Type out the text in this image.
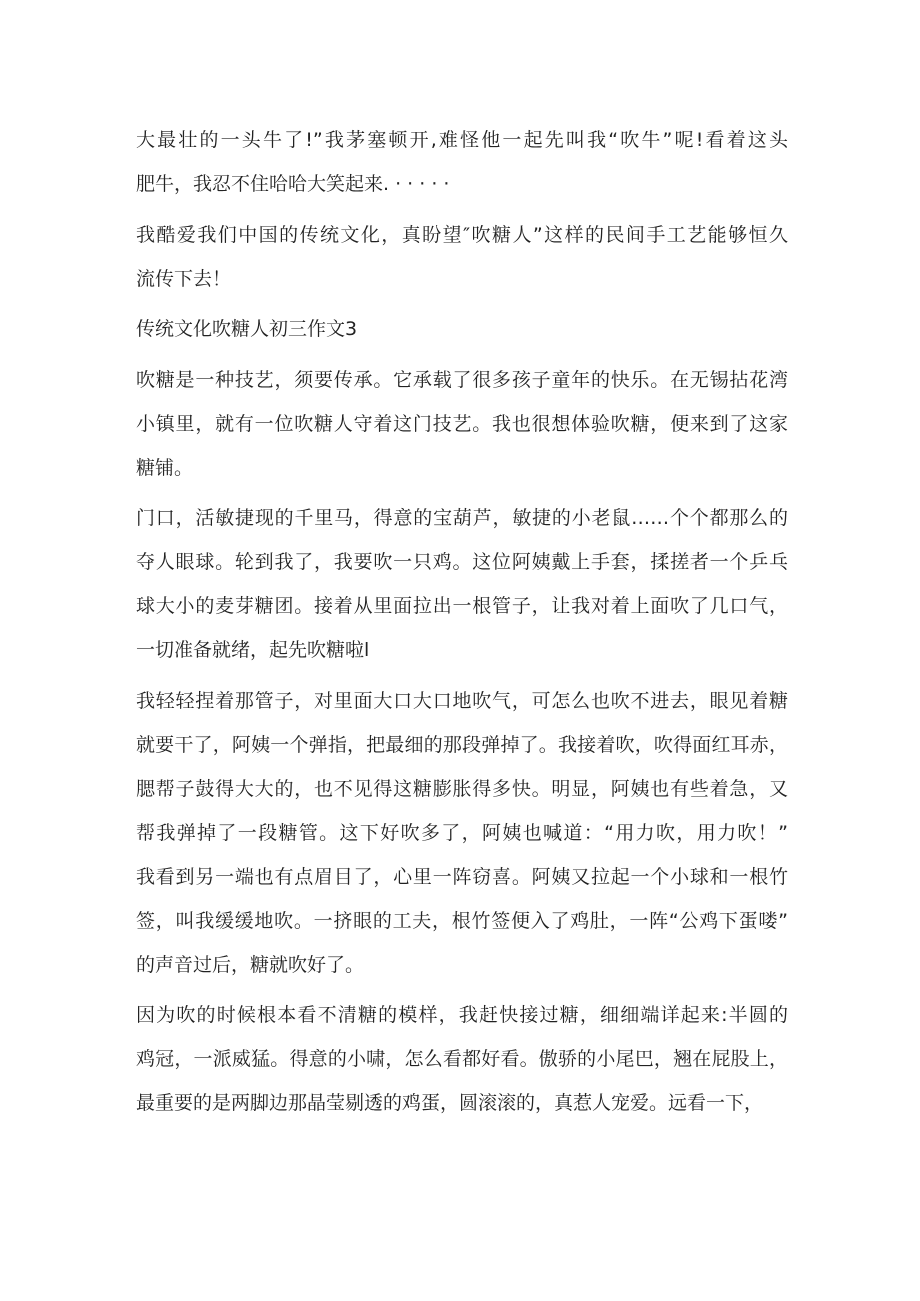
大最壮的一头牛了!”我茅塞顿开,难怪他一起先叫我“吹牛”呢!看着这头
肥牛，我忍不住哈哈大笑起来. · · · · ·
我酷爱我们中国的传统文化，真盼望″吹糖人”这样的民间手工艺能够恒久
流传下去！
传统文化吹糖人初三作文3
吹糖是一种技艺，须要传承。它承载了很多孩子童年的快乐。在无锡拈花湾
小镇里，就有一位吹糖人守着这门技艺。我也很想体验吹糖，便来到了这家
糖铺。
门口，活敏捷现的千里马，得意的宝葫芦，敏捷的小老鼠……个个都那么的
夺人眼球。轮到我了，我要吹一只鸡。这位阿姨戴上手套，揉搓者一个乒乓
球大小的麦芽糖团。接着从里面拉出一根管子，让我对着上面吹了几口气，
一切准备就绪，起先吹糖啦l
我轻轻捏着那管子，对里面大口大口地吹气，可怎么也吹不进去，眼见着糖
就要干了，阿姨一个弹指，把最细的那段弹掉了。我接着吹，吹得面红耳赤，
腮帮子鼓得大大的，也不见得这糖膨胀得多快。明显，阿姨也有些着急，又
帮我弹掉了一段糖管。这下好吹多了，阿姨也喊道：“用力吹，用力吹！”
我看到另一端也有点眉目了，心里一阵窃喜。阿姨又拉起一个小球和一根竹
签，叫我缓缓地吹。一挤眼的工夫，根竹签便入了鸡肚，一阵“公鸡下蛋喽”
的声音过后，糖就吹好了。
因为吹的时候根本看不清糖的模样，我赶快接过糖，细细端详起来:半圆的
鸡冠，一派威猛。得意的小啸，怎么看都好看。傲骄的小尾巴，翘在屁股上，
最重要的是两脚边那晶莹剔透的鸡蛋，圆滚滚的，真惹人宠爱。远看一下，
